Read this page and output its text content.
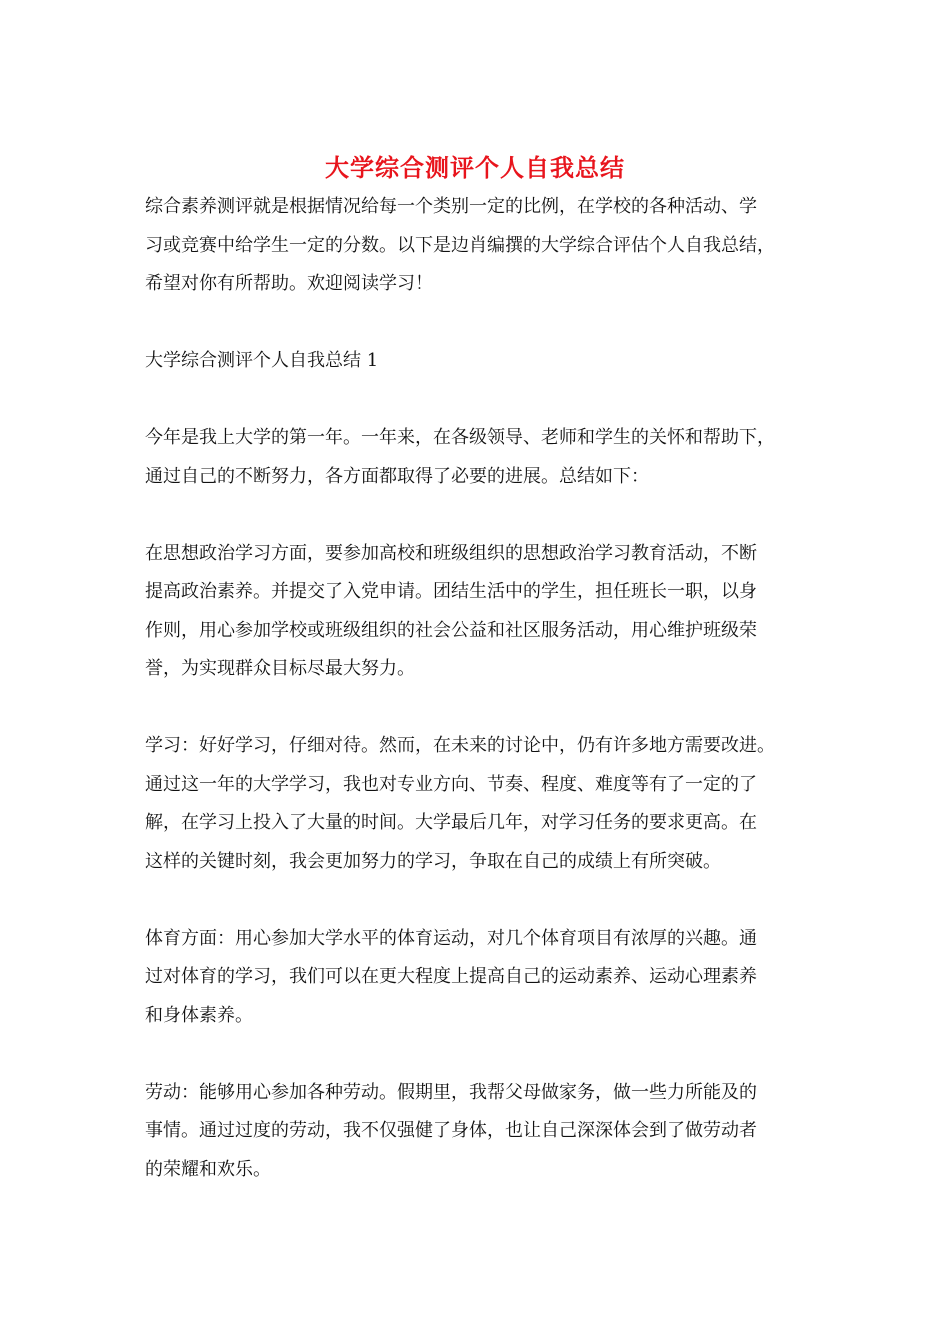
大学综合测评个人自我总结

综合素养测评就是根据情况给每一个类别一定的比例，在学校的各种活动、学
习或竞赛中给学生一定的分数。以下是边肖编撰的大学综合评估个人自我总结，
希望对你有所帮助。欢迎阅读学习！

大学综合测评个人自我总结 1

今年是我上大学的第一年。一年来，在各级领导、老师和学生的关怀和帮助下，
通过自己的不断努力，各方面都取得了必要的进展。总结如下：

在思想政治学习方面，要参加高校和班级组织的思想政治学习教育活动，不断
提高政治素养。并提交了入党申请。团结生活中的学生，担任班长一职，以身
作则，用心参加学校或班级组织的社会公益和社区服务活动，用心维护班级荣
誉，为实现群众目标尽最大努力。

学习：好好学习，仔细对待。然而，在未来的讨论中，仍有许多地方需要改进。
通过这一年的大学学习，我也对专业方向、节奏、程度、难度等有了一定的了
解，在学习上投入了大量的时间。大学最后几年，对学习任务的要求更高。在
这样的关键时刻，我会更加努力的学习，争取在自己的成绩上有所突破。

体育方面：用心参加大学水平的体育运动，对几个体育项目有浓厚的兴趣。通
过对体育的学习，我们可以在更大程度上提高自己的运动素养、运动心理素养
和身体素养。

劳动：能够用心参加各种劳动。假期里，我帮父母做家务，做一些力所能及的
事情。通过过度的劳动，我不仅强健了身体，也让自己深深体会到了做劳动者
的荣耀和欢乐。
